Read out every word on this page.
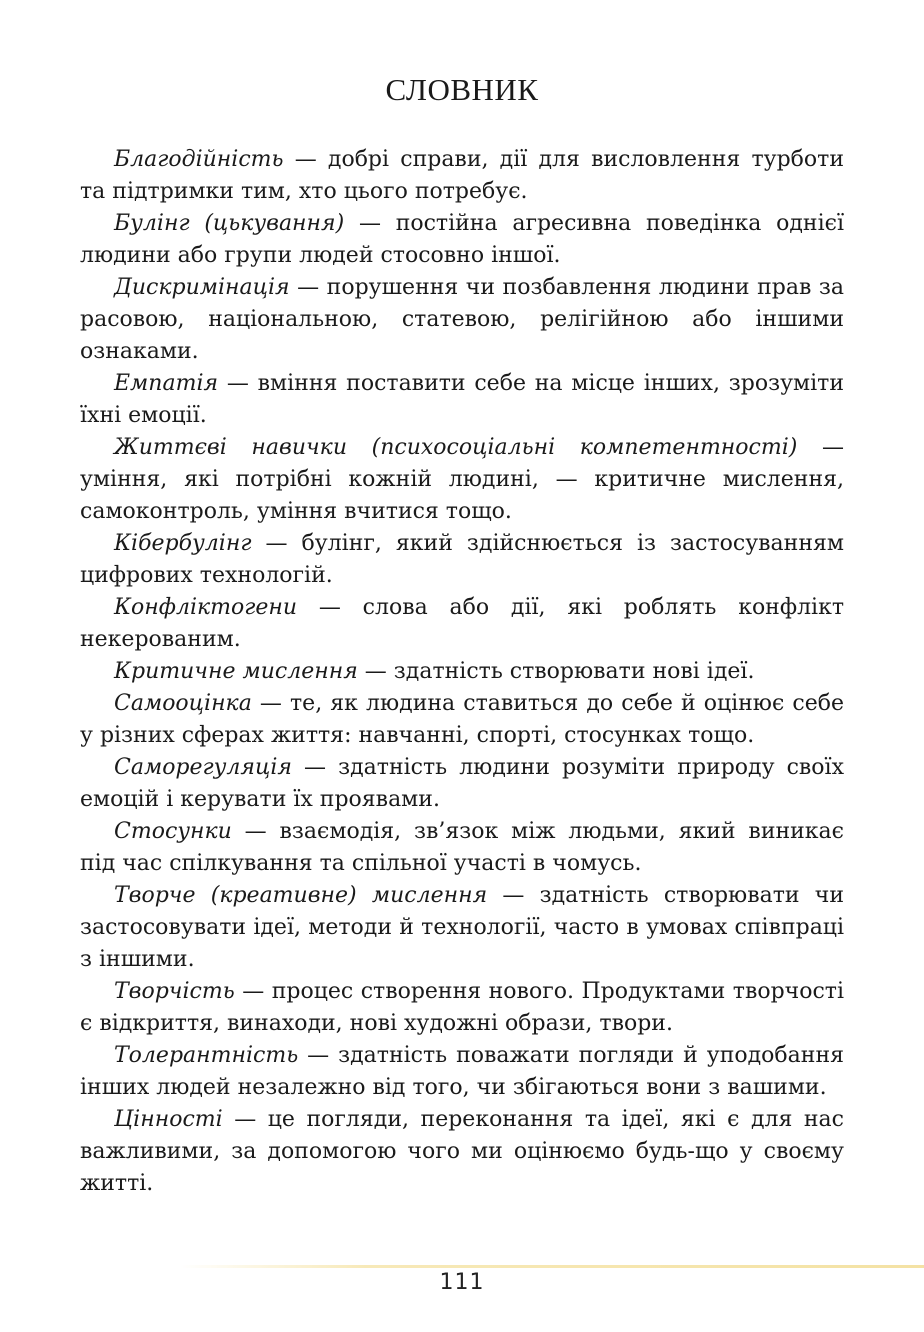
СЛОВНИК

Благодійність — добрі справи, дії для висловлення турботи та підтримки тим, хто цього потребує.

Булінг (цькування) — постійна агресивна поведінка однієї людини або групи людей стосовно іншої.

Дискримінація — порушення чи позбавлення людини прав за расовою, національною, статевою, релігійною або іншими ознаками.

Емпатія — вміння поставити себе на місце інших, зрозуміти їхні емоції.

Життєві навички (психосоціальні компетентності) — уміння, які потрібні кожній людині, — критичне мислення, самоконтроль, уміння вчитися тощо.

Кібербулінг — булінг, який здійснюється із застосуванням цифрових технологій.

Конфліктогени — слова або дії, які роблять конфлікт некерованим.

Критичне мислення — здатність створювати нові ідеї.

Самооцінка — те, як людина ставиться до себе й оцінює себе у різних сферах життя: навчанні, спорті, стосунках тощо.

Саморегуляція — здатність людини розуміти природу своїх емоцій і керувати їх проявами.

Стосунки — взаємодія, зв’язок між людьми, який виникає під час спілкування та спільної участі в чомусь.

Творче (креативне) мислення — здатність створювати чи застосовувати ідеї, методи й технології, часто в умовах співпраці з іншими.

Творчість — процес створення нового. Продуктами творчості є відкриття, винаходи, нові художні образи, твори.

Толерантність — здатність поважати погляди й уподобання інших людей незалежно від того, чи збігаються вони з вашими.

Цінності — це погляди, переконання та ідеї, які є для нас важливими, за допомогою чого ми оцінюємо будь-що у своєму житті.

111
